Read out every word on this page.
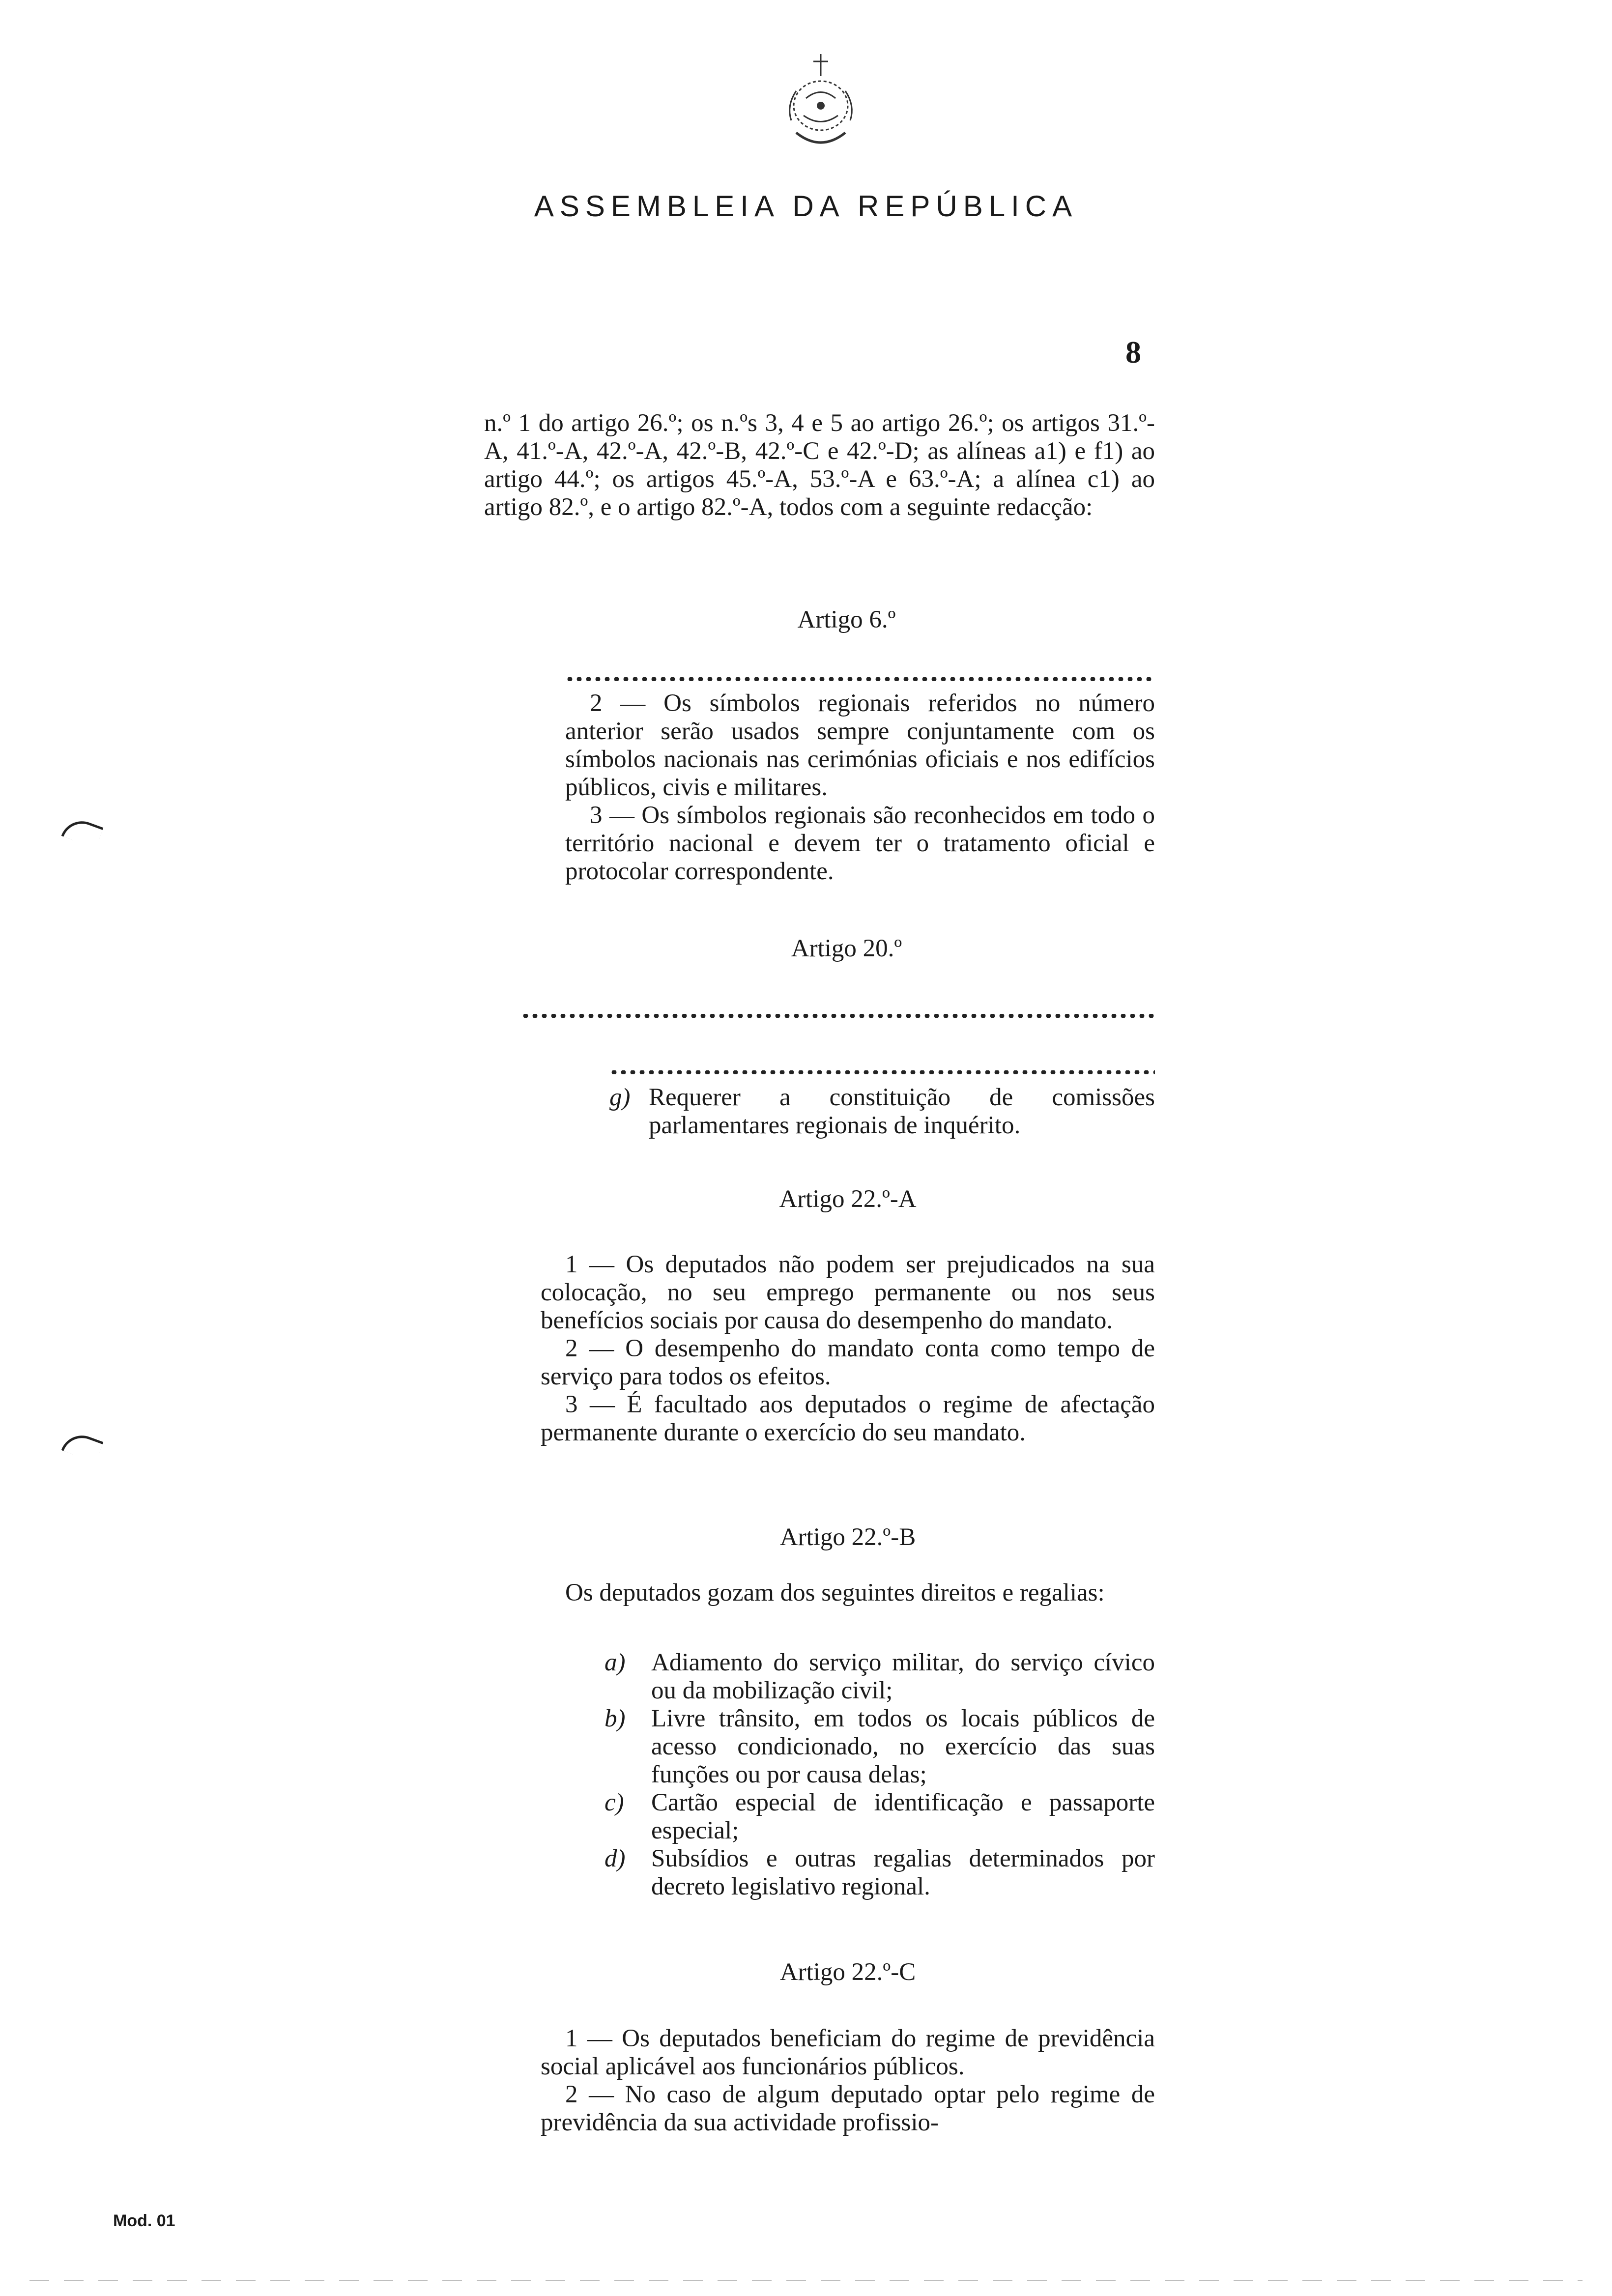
ASSEMBLEIA DA REPÚBLICA
8

n.º 1 do artigo 26.º; os n.ºs 3, 4 e 5 ao artigo 26.º; os artigos 31.º-A, 41.º-A, 42.º-A, 42.º-B, 42.º-C e 42.º-D; as alíneas a1) e f1) ao artigo 44.º; os artigos 45.º-A, 53.º-A e 63.º-A; a alínea c1) ao artigo 82.º, e o artigo 82.º-A, todos com a seguinte redacção:

Artigo 6.º

2 — Os símbolos regionais referidos no número anterior serão usados sempre conjuntamente com os símbolos nacionais nas cerimónias oficiais e nos edifícios públicos, civis e militares.

3 — Os símbolos regionais são reconhecidos em todo o território nacional e devem ter o tratamento oficial e protocolar correspondente.

Artigo 20.º

g) Requerer a constituição de comissões parlamentares regionais de inquérito.

Artigo 22.º-A

1 — Os deputados não podem ser prejudicados na sua colocação, no seu emprego permanente ou nos seus benefícios sociais por causa do desempenho do mandato.

2 — O desempenho do mandato conta como tempo de serviço para todos os efeitos.

3 — É facultado aos deputados o regime de afectação permanente durante o exercício do seu mandato.

Artigo 22.º-B

Os deputados gozam dos seguintes direitos e regalias:

a) Adiamento do serviço militar, do serviço cívico ou da mobilização civil;

b) Livre trânsito, em todos os locais públicos de acesso condicionado, no exercício das suas funções ou por causa delas;

c) Cartão especial de identificação e passaporte especial;

d) Subsídios e outras regalias determinados por decreto legislativo regional.

Artigo 22.º-C

1 — Os deputados beneficiam do regime de previdência social aplicável aos funcionários públicos.

2 — No caso de algum deputado optar pelo regime de previdência da sua actividade profissio-

Mod. 01
